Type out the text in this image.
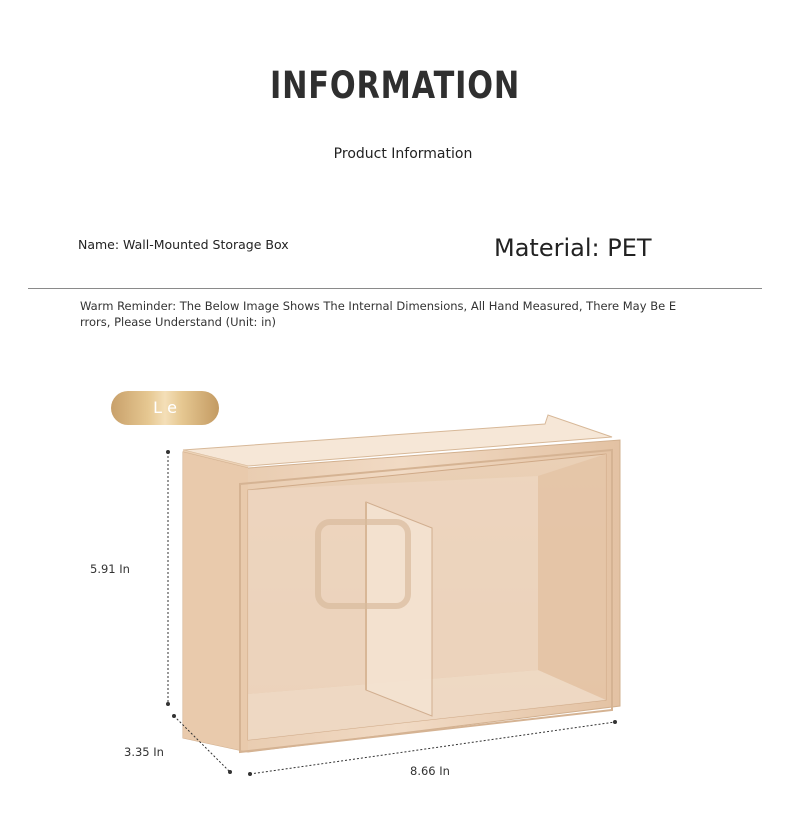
INFORMATION
Product Information
Name: Wall-Mounted Storage Box	Material: PET
Warm Reminder: The Below Image Shows The Internal Dimensions, All Hand Measured, There May Be Errors, Please Understand (Unit: in)
L e
5.91 In
3.35 In
8.66 In
